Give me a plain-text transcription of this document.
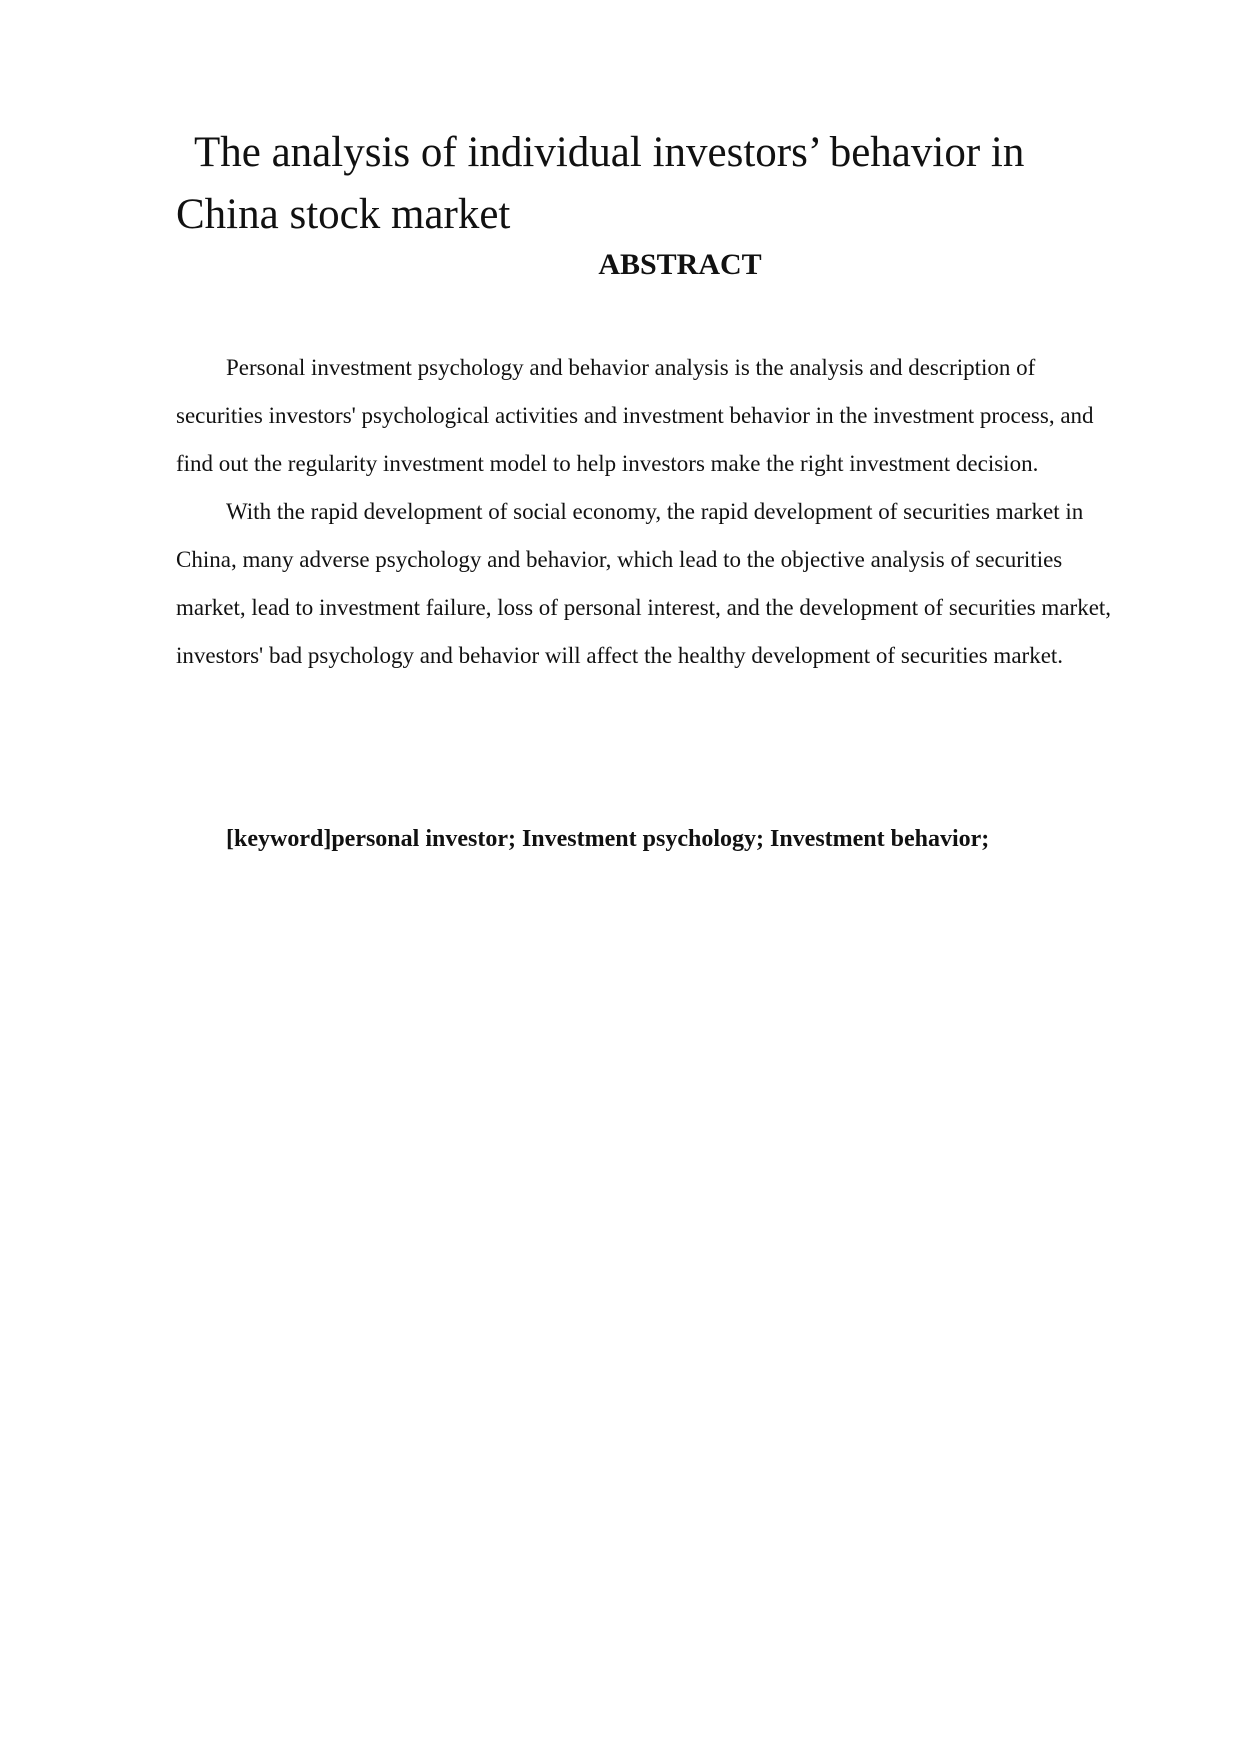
The analysis of individual investors’ behavior in China stock market
ABSTRACT

Personal investment psychology and behavior analysis is the analysis and description of securities investors' psychological activities and investment behavior in the investment process, and find out the regularity investment model to help investors make the right investment decision.

With the rapid development of social economy, the rapid development of securities market in China, many adverse psychology and behavior, which lead to the objective analysis of securities market, lead to investment failure, loss of personal interest, and the development of securities market, investors' bad psychology and behavior will affect the healthy development of securities market.

[keyword]personal investor; Investment psychology; Investment behavior;
